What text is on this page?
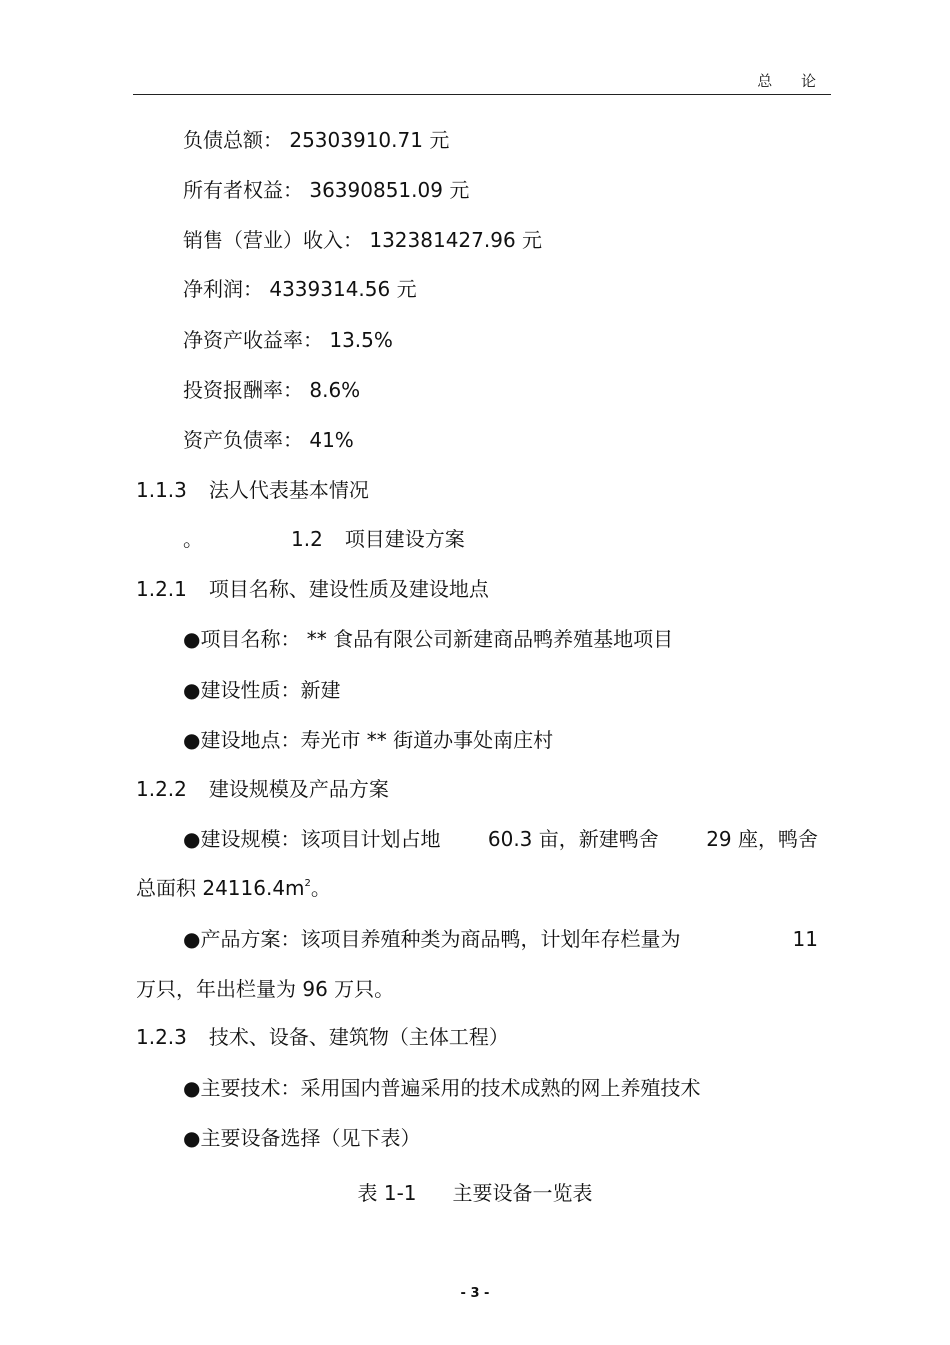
总 论
负债总额： 25303910.71 元
所有者权益： 36390851.09 元
销售（营业）收入： 132381427.96 元
净利润： 4339314.56 元
净资产收益率： 13.5%
投资报酬率： 8.6%
资产负债率： 41%
1.1.3 法人代表基本情况
。	1.2 项目建设方案
1.2.1 项目名称、建设性质及建设地点
●项目名称： ** 食品有限公司新建商品鸭养殖基地项目
●建设性质：新建
●建设地点：寿光市 ** 街道办事处南庄村
1.2.2 建设规模及产品方案
●建设规模：该项目计划占地 60.3 亩，新建鸭舍 29 座，鸭舍
总面积 $24116.4m^2$。
●产品方案：该项目养殖种类为商品鸭，计划年存栏量为	11
万只，年出栏量为 96 万只。
1.2.3 技术、设备、建筑物（主体工程）
●主要技术：采用国内普遍采用的技术成熟的网上养殖技术
●主要设备选择（见下表）
表 1-1 主要设备一览表
- 3 -
